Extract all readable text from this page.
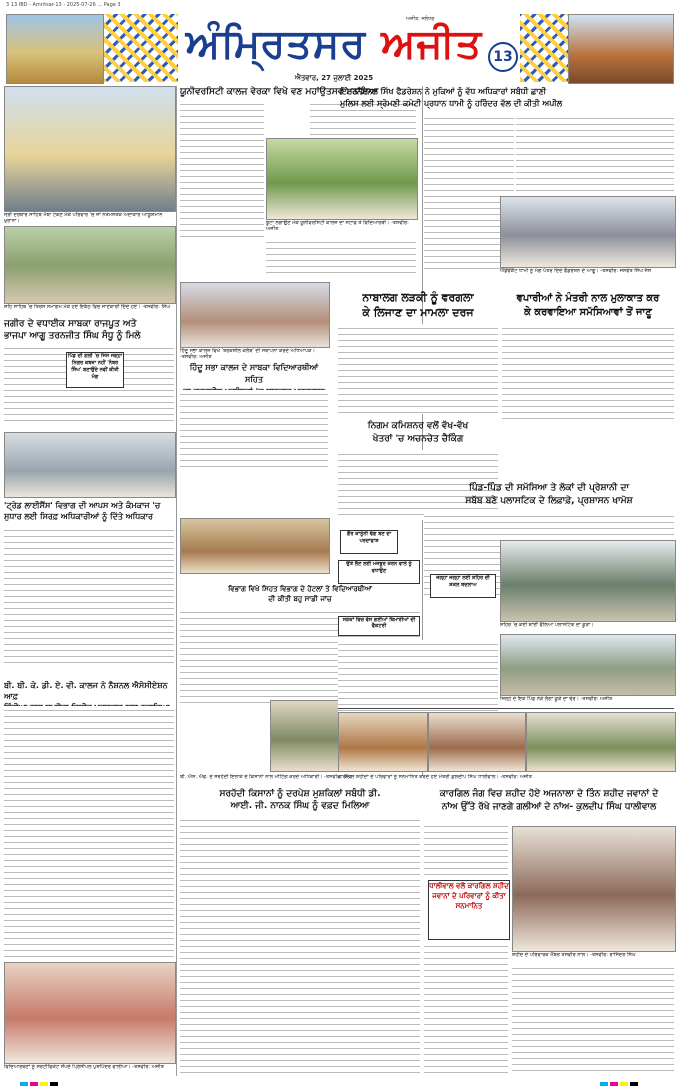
3 13 IBD - Amritsar-13 - 2025-07-26 ... Page 3
ਅੰਮ੍ਰਿਤਸਰ ਅਜੀਤ
ਅਜੀਤ, ਜਲੰਧਰ
ਐਤਵਾਰ, 27 ਜੁਲਾਈ 2025
13
ਸ੍ਰੀ ਦਰਬਾਰ ਸਾਹਿਬ ਮੱਥਾ ਟੇਕਣ ਮੌਕੇ ਪਰਿਵਾਰ 'ਚ ਜਾਂ ਨਤਮਸਤਕ ਅਦਾਕਾਰ ਆਯੂਸ਼ਮਾਨ ਖੁਰਾਨਾ।
ਸ਼ਹਿ ਸਾਹਿਬ 'ਚ ਤਿਰਸ ਸਮਾਗਮ ਮੌਕੇ ਹੋਏ ਇਕੱਠ ਵਿਚ ਜਾਣਕਾਰੀ ਦਿੰਦੇ ਹੋਏ। -ਤਸਵੀਰ: ਸਿੰਘ
ਜਗੀਰ ਦੇ ਵਧਾਈਕ ਸਾਬਕਾ ਰਾਜਪੂਤ ਅਤੇ
ਭਾਜਪਾ ਆਗੂ ਤਰਨਜੀਤ ਸਿੰਘ ਸੰਧੂ ਨੂੰ ਮਿਲੇ
ਪਿੰਡ ਦੀ ਗਲੀ 'ਚ ਜਿਸ ਜਗ੍ਹਾ ਨਿਗਰ ਕਬਜ਼ਾ ਨਹੀਂ 'ਨੰਬਰ ਸਿੰਘ' ਬਣਾਉਂਦੇ ਨਵੀਂ ਕੀਤੀ ਮੰਗ
'ਟ੍ਰੇਡ ਲਾਈਸੈਂਸ' ਵਿਭਾਗ ਦੀ ਆਪਸ ਅਤੇ ਕੰਮਕਾਜ 'ਚ
ਸੁਧਾਰ ਲਈ ਸਿਰਫ਼ ਅਧਿਕਾਰੀਆਂ ਨੂੰ ਦਿੱਤੇ ਅਧਿਕਾਰ
ਬੀ. ਬੀ. ਕੇ. ਡੀ. ਏ. ਵੀ. ਕਾਲਜ ਨੇ ਨੈਸ਼ਨਲ ਐਸੋਸੀਏਸ਼ਨ ਆਫ਼
ਵਿਦਿਆਰਥਣਾਂ ਨੂੰ ਸਰਟੀਫਿਕੇਟ ਸੌਂਪਦੇ ਪ੍ਰਿੰਸੀਪਲ ਪੁਸ਼ਪਿੰਦਰ ਵਾਲੀਆ। -ਤਸਵੀਰ: ਅਜੀਤ
ਯੂਨੀਵਰਸਿਟੀ ਕਾਲਜ ਵੇਰਕਾ ਵਿਖੇ ਵਣ ਮਹਾਂਉਤਸਵ ਮਨਾਇਆ
ਬੂਟਾ ਲਗਾਉਣ ਮੌਕੇ ਯੂਨੀਵਰਸਿਟੀ ਕਾਲਜ ਦਾ ਸਟਾਫ ਤੇ ਵਿਦਿਆਰਥੀ। -ਤਸਵੀਰ: ਅਜੀਤ
ਹਿੰਦੂ ਸਭਾ ਕਾਲਜ ਵਿਖੇ 'ਤਰਕਸ਼ੀਲ ਕਲੱਬ' ਦੀ ਸਥਾਪਨਾ ਕਰਦੇ ਅਧਿਆਪਕ। -ਤਸਵੀਰ: ਅਜੀਤ
ਹਿੰਦੂ ਸਭਾ ਕਾਲਜ ਦੇ ਸਾਬਕਾ ਵਿਦਿਆਰਥੀਆਂ ਸਹਿਤ
ਵਿਭਾਗ ਵਿਖੇ ਸਿਹਤ ਵਿਭਾਗ ਦੇ ਹੋਟਲਾਂ ਤੇ ਵਿਦਿਆਰਥੀਆਂ
ਦੀ ਕੀਤੀ ਬਹੁ ਸਾਡੀ ਜਾਂਚ
ਬੀ. ਐਸ. ਐਫ. ਦੇ ਸਰਹੱਦੀ ਇਲਾਕੇ ਦੇ ਕਿਸਾਨਾਂ ਨਾਲ ਮੀਟਿੰਗ ਕਰਦੇ ਅਧਿਕਾਰੀ। -ਤਸਵੀਰ: ਸਿੰਘ
ਸਰਹੱਦੀ ਕਿਸਾਨਾਂ ਨੂੰ ਦਰਪੇਸ਼ ਮੁਸ਼ਕਿਲਾਂ ਸਬੰਧੀ ਡੀ.
ਆਈ. ਜੀ. ਨਾਨਕ ਸਿੰਘ ਨੂੰ ਵਫ਼ਦ ਮਿਲਿਆ
ਇੰਟਰਨੈਸ਼ਨਲ ਸਿੱਖ ਫੈਡਰੇਸ਼ਨ ਨੇ ਮੁਕਿਆਂ ਨੂੰ ਵੱਧ ਅਧਿਕਾਰਾਂ ਸਬੰਧੀ ਛਾਣੀ
ਮੁਲਿਸ ਲਈ ਸ੍ਰੋਮਣੀ ਕਮੇਟੀ ਪ੍ਰਧਾਨ ਧਾਮੀ ਨੂੰ ਹਰਿੰਦਰ ਵੱਲ ਦੀ ਕੀਤੀ ਅਪੀਲ
ਐਡਵੋਕੇਟ ਧਾਮੀ ਨੂੰ ਮੰਗ ਪੱਤਰ ਦਿੰਦੇ ਫੈਡਰੇਸ਼ਨ ਦੇ ਆਗੂ। -ਤਸਵੀਰ: ਜਸਵੰਤ ਸਿੰਘ ਜੱਸ
ਨਾਬਾਲਗ ਲੜਕੀ ਨੂੰ ਵਰਗਲਾ
ਕੇ ਲਿਜਾਣ ਦਾ ਮਾਮਲਾ ਦਰਜ
ਨਿਗਮ ਕਮਿਸ਼ਨਰ ਵਲੋਂ ਵੱਖ-ਵੱਖ
ਖੇਤਰਾਂ 'ਚ ਅਚਨਚੇਤ ਚੈਕਿੰਗ
ਗੈਰ ਕਾਨੂੰਨੀ ਢੰਗ ਬਣ ਦਾ ਪਰਦਾਫਾਸ਼
ਵਪਾਰੀਆਂ ਨੇ ਮੰਤਰੀ ਨਾਲ ਮੁਲਾਕਾਤ ਕਰ
ਕੇ ਕਰਵਾਇਆ ਸਮੱਸਿਆਵਾਂ ਤੋਂ ਜਾਣੂ
ਪਿੰਡ-ਪਿੰਡ ਦੀ ਸਮੱਸਿਆ ਤੇ ਲੋਕਾਂ ਦੀ ਪ੍ਰੇਸ਼ਾਨੀ ਦਾ
ਸਬੱਬ ਬਣੇ ਪਲਾਸਟਿਕ ਦੇ ਲਿਫ਼ਾਫ਼ੇ, ਪ੍ਰਸ਼ਾਸਨ ਖਾਮੋਸ਼
ਉਤੇ ਲੈਣ ਲਈ ਮਜਬੂਰ ਕਰਨ ਵਾਲੇ ਨੂੰ ਵਧਾਉਣ
ਜਗ੍ਹਾ ਜਗ੍ਹਾ ਲਈ ਸ਼ਹਿਰ ਦੀ ਸ਼ਕਲ ਬਦਲਾਅ
ਸੜਕਾਂ ਵਿਚ ਵੱਸ ਗਈਆਂ ਬਿਮਾਰੀਆਂ ਦੀ ਫੈਕਟਰੀ	ਸ਼ਹਿਰ 'ਚ ਕਈ ਥਾਂਈਂ ਫੈਲਿਆ ਪਲਾਸਟਿਕ ਦਾ ਕੂੜਾ।
ਜ਼ਿਲ੍ਹੇ ਦੇ ਇਕ ਪਿੰਡ ਨੇੜੇ ਲੱਗਾ ਕੂੜੇ ਦਾ ਢੇਰ। -ਤਸਵੀਰ: ਅਜੀਤ
ਕਾਰਗਿਲ ਸ਼ਹੀਦਾਂ ਦੇ ਪਰਿਵਾਰਾਂ ਨੂੰ ਸਨਮਾਨਿਤ ਕਰਦੇ ਹੋਏ ਮੰਤਰੀ ਕੁਲਦੀਪ ਸਿੰਘ ਧਾਲੀਵਾਲ। -ਤਸਵੀਰ: ਅਜੀਤ
ਕਾਰਗਿਲ ਜੰਗ ਵਿਚ ਸ਼ਹੀਦ ਹੋਏ ਅਜਨਾਲਾ ਦੇ ਤਿੰਨ ਸ਼ਹੀਦ ਜਵਾਨਾਂ ਦੇ
ਨਾਂਅ ਉੱਤੇ ਰੱਖੇ ਜਾਣਗੇ ਗਲੀਆਂ ਦੇ ਨਾਂਅ- ਕੁਲਦੀਪ ਸਿੰਘ ਧਾਲੀਵਾਲ
ਧਾਲੀਵਾਲ ਵਲੋਂ ਕਾਰਗਿਲ ਸ਼ਹੀਦ ਜਵਾਨਾਂ ਦੇ ਪਰਿਵਾਰਾਂ ਨੂੰ ਕੀਤਾ ਸਨਮਾਨਿਤ
ਸ਼ਹੀਦ ਦੇ ਪਰਿਵਾਰਕ ਮੈਂਬਰ ਤਸਵੀਰ ਨਾਲ। -ਤਸਵੀਰ: ਰਾਜਿੰਦਰ ਸਿੰਘ
